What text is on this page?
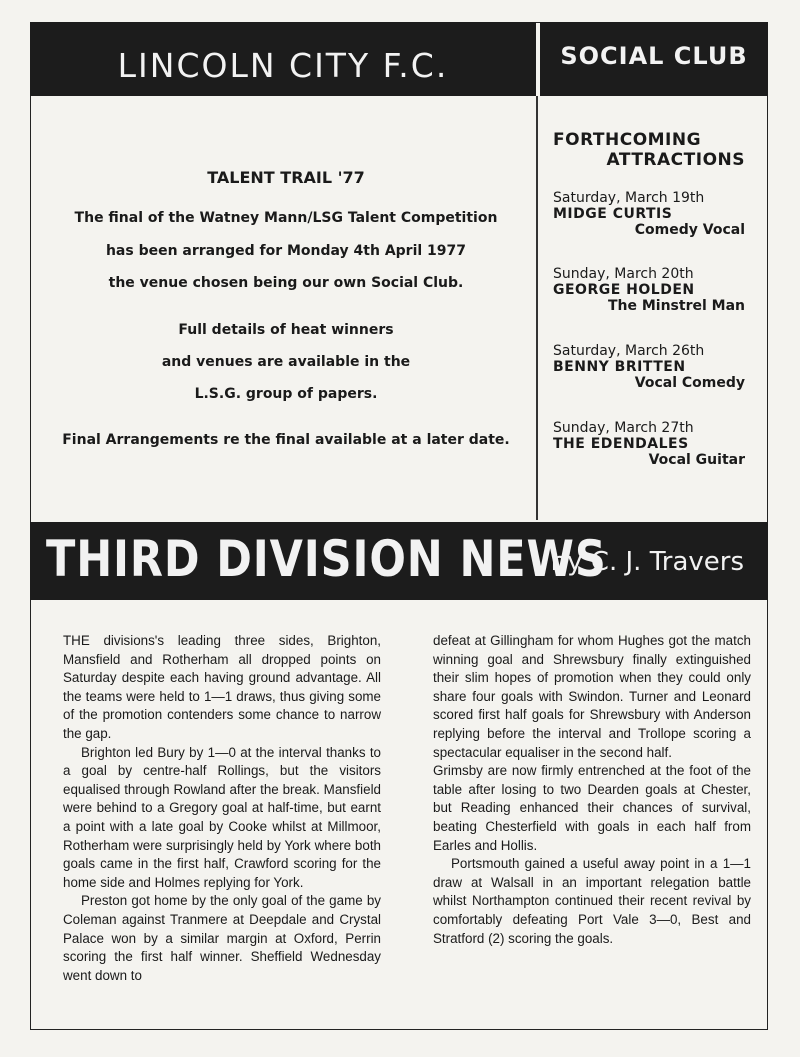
LINCOLN CITY F.C.	SOCIAL CLUB
TALENT TRAIL '77
The final of the Watney Mann/LSG Talent Competition
has been arranged for Monday 4th April 1977
the venue chosen being our own Social Club.
Full details of heat winners
and venues are available in the
L.S.G. group of papers.
Final Arrangements re the final available at a later date.
FORTHCOMING
ATTRACTIONS
Saturday, March 19th
MIDGE CURTIS
Comedy Vocal
Sunday, March 20th
GEORGE HOLDEN
The Minstrel Man
Saturday, March 26th
BENNY BRITTEN
Vocal Comedy
Sunday, March 27th
THE EDENDALES
Vocal Guitar
THIRD DIVISION NEWS
by C. J. Travers

THE divisions's leading three sides, Brighton, Mansfield and Rotherham all dropped points on Saturday despite each having ground advantage. All the teams were held to 1—1 draws, thus giving some of the promotion contenders some chance to narrow the gap.

Brighton led Bury by 1—0 at the interval thanks to a goal by centre-half Rollings, but the visitors equalised through Rowland after the break. Mansfield were behind to a Gregory goal at half-time, but earnt a point with a late goal by Cooke whilst at Millmoor, Rotherham were surprisingly held by York where both goals came in the first half, Crawford scoring for the home side and Holmes replying for York.

Preston got home by the only goal of the game by Coleman against Tranmere at Deepdale and Crystal Palace won by a similar margin at Oxford, Perrin scoring the first half winner. Sheffield Wednesday went down to

defeat at Gillingham for whom Hughes got the match winning goal and Shrewsbury finally extinguished their slim hopes of promotion when they could only share four goals with Swindon. Turner and Leonard scored first half goals for Shrewsbury with Anderson replying before the interval and Trollope scoring a spectacular equaliser in the second half.

Grimsby are now firmly entrenched at the foot of the table after losing to two Dearden goals at Chester, but Reading enhanced their chances of survival, beating Chesterfield with goals in each half from Earles and Hollis.

Portsmouth gained a useful away point in a 1—1 draw at Walsall in an important relegation battle whilst Northampton continued their recent revival by comfortably defeating Port Vale 3—0, Best and Stratford (2) scoring the goals.
